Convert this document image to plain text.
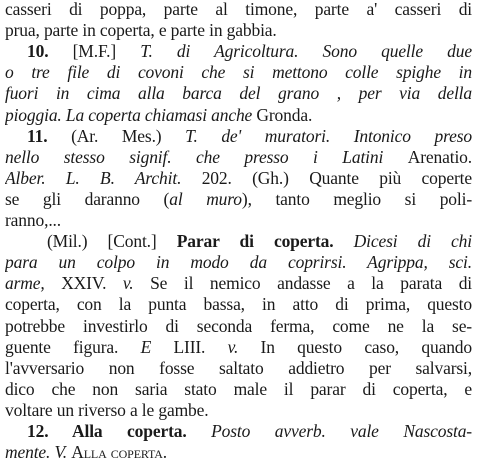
casseri di poppa, parte al timone, parte a' casseri di
prua, parte in coperta, e parte in gabbia.
10. [M.F.] T. di Agricoltura. Sono quelle due
o tre file di covoni che si mettono colle spighe in
fuori in cima alla barca del grano , per via della
pioggia. La coperta chiamasi anche Gronda.
11. (Ar. Mes.) T. de' muratori. Intonico preso
nello stesso signif. che presso i Latini Arenatio.
Alber. L. B. Archit. 202. (Gh.) Quante più coperte
se gli daranno (al muro), tanto meglio si poli-
ranno,...
(Mil.) [Cont.] Parar di coperta. Dicesi di chi
para un colpo in modo da coprirsi. Agrippa, sci.
arme, XXIV. v. Se il nemico andasse a la parata di
coperta, con la punta bassa, in atto di prima, questo
potrebbe investirlo di seconda ferma, come ne la se-
guente figura. E LIII. v. In questo caso, quando
l'avversario non fosse saltato addietro per salvarsi,
dico che non saria stato male il parar di coperta, e
voltare un riverso a le gambe.
12. Alla coperta. Posto avverb. vale Nascosta-
mente. V. Alla coperta.
